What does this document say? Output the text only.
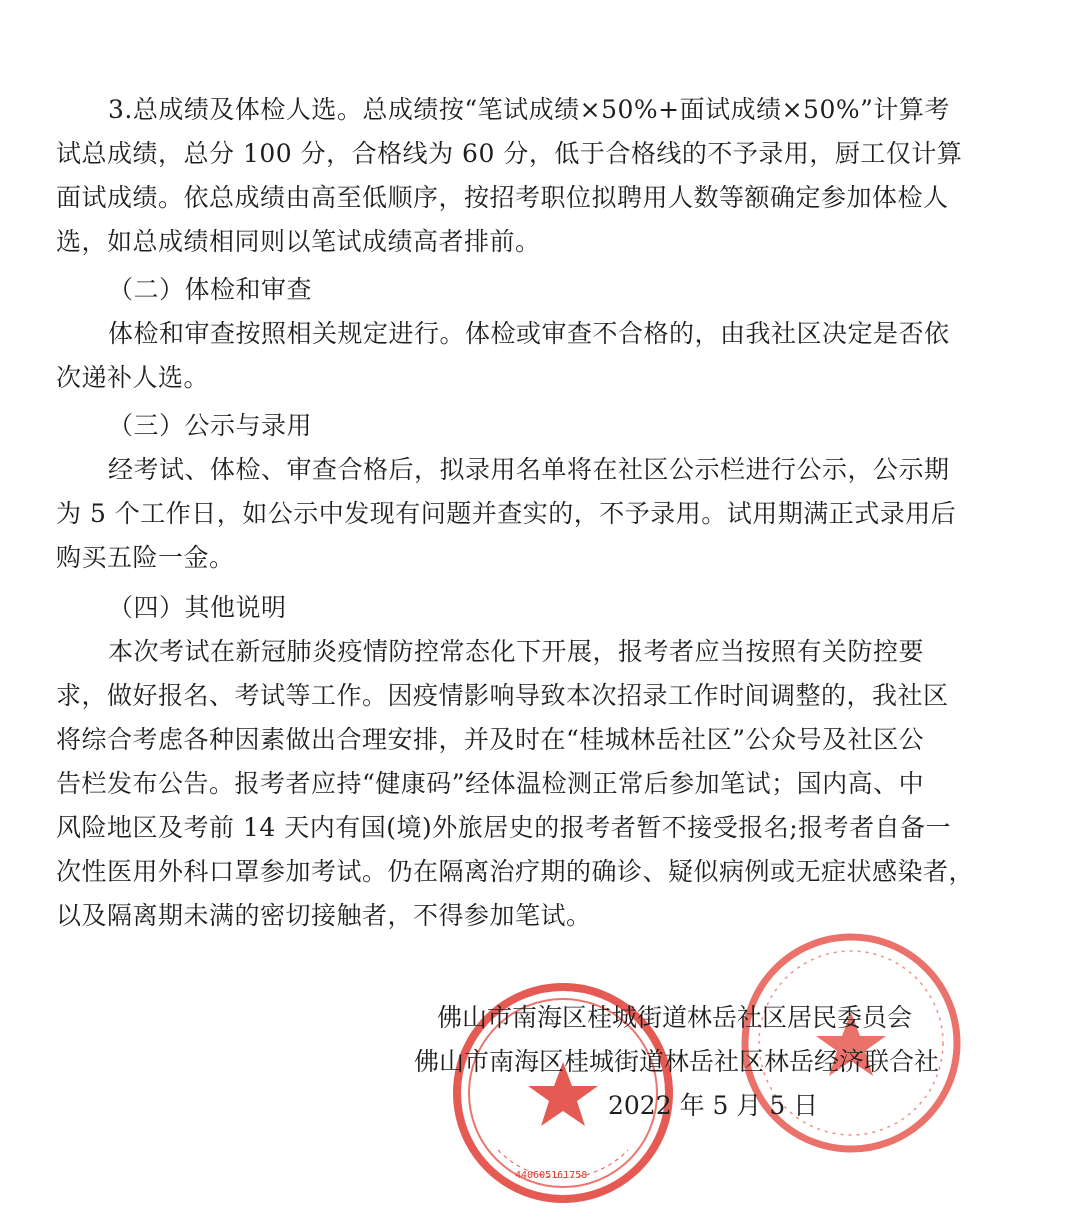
3.总成绩及体检人选。总成绩按“笔试成绩×50%+面试成绩×50%”计算考
试总成绩，总分 100 分，合格线为 60 分，低于合格线的不予录用，厨工仅计算
面试成绩。依总成绩由高至低顺序，按招考职位拟聘用人数等额确定参加体检人
选，如总成绩相同则以笔试成绩高者排前。
（二）体检和审查
体检和审查按照相关规定进行。体检或审查不合格的，由我社区决定是否依
次递补人选。
（三）公示与录用
经考试、体检、审查合格后，拟录用名单将在社区公示栏进行公示，公示期
为 5 个工作日，如公示中发现有问题并查实的，不予录用。试用期满正式录用后
购买五险一金。
（四）其他说明
本次考试在新冠肺炎疫情防控常态化下开展，报考者应当按照有关防控要
求，做好报名、考试等工作。因疫情影响导致本次招录工作时间调整的，我社区
将综合考虑各种因素做出合理安排，并及时在“桂城林岳社区”公众号及社区公
告栏发布公告。报考者应持“健康码”经体温检测正常后参加笔试；国内高、中
风险地区及考前 14 天内有国(境)外旅居史的报考者暂不接受报名;报考者自备一
次性医用外科口罩参加考试。仍在隔离治疗期的确诊、疑似病例或无症状感染者，
以及隔离期未满的密切接触者，不得参加笔试。
440605161758
佛山市南海区桂城街道林岳社区居民委员会
佛山市南海区桂城街道林岳社区林岳经济联合社
2022 年 5 月 5 日
